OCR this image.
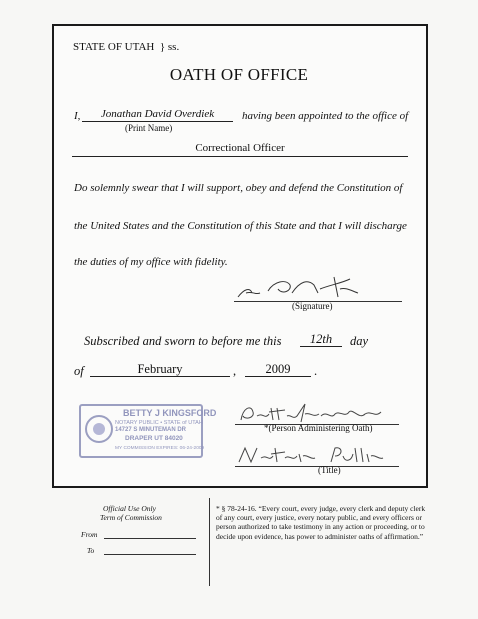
STATE OF UTAH } ss.
OATH OF OFFICE
I,	Jonathan David Overdiek	having been appointed to the office of
(Print Name)
Correctional Officer
Do solemnly swear that I will support, obey and defend the Constitution of
the United States and the Constitution of this State and that I will discharge
the duties of my office with fidelity.
(Signature)
Subscribed and sworn to before me this	12th	day
of	February	,	2009	.
BETTY J KINGSFORD
NOTARY PUBLIC • STATE of UTAH
14727 S MINUTEMAN DR
DRAPER UT 84020
MY COMMISSION EXPIRES: 06-24-2009
*(Person Administering Oath)
(Title)
Official Use Only
Term of Commission
From
To
* § 78-24-16. “Every court, every judge, every clerk and deputy clerk of any court, every justice, every notary public, and every officers or person authorized to take testimony in any action or proceeding, or to decide upon evidence, has power to administer oaths of affirmation.”
